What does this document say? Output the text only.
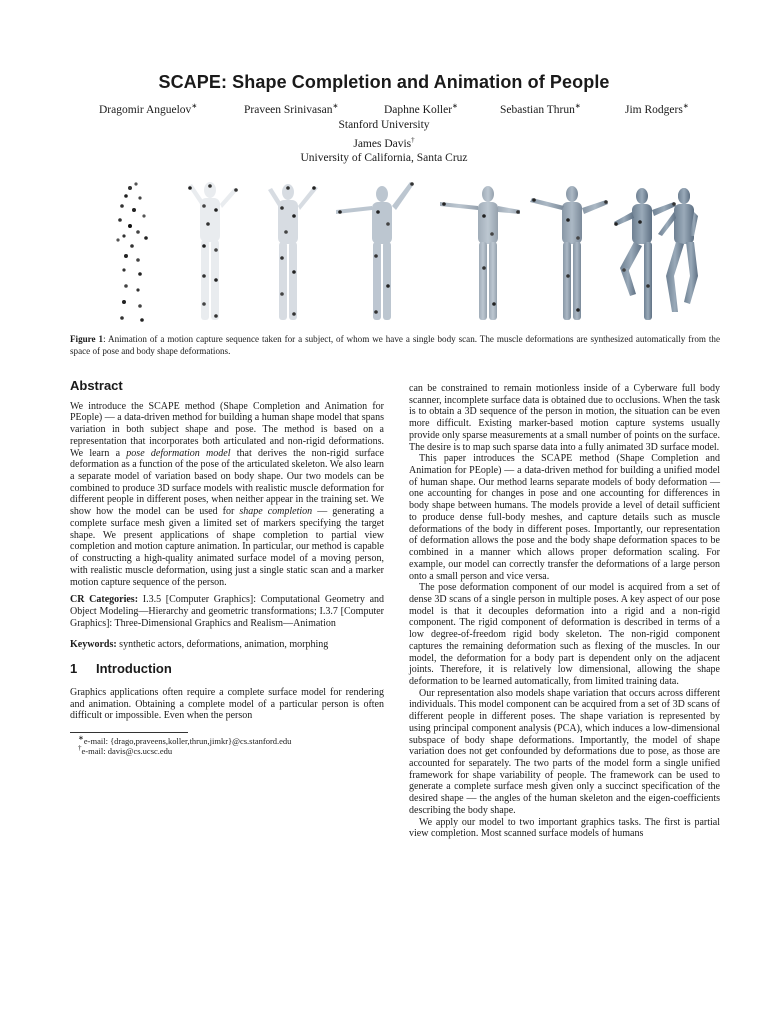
SCAPE: Shape Completion and Animation of People
Dragomir Anguelov∗	Praveen Srinivasan∗	Daphne Koller∗	Sebastian Thrun∗	Jim Rodgers∗
Stanford University
James Davis†
University of California, Santa Cruz
Figure 1: Animation of a motion capture sequence taken for a subject, of whom we have a single body scan. The muscle deformations are synthesized automatically from the space of pose and body shape deformations.
Abstract

We introduce the SCAPE method (Shape Completion and Animation for PEople) — a data-driven method for building a human shape model that spans variation in both subject shape and pose. The method is based on a representation that incorporates both articulated and non-rigid deformations. We learn a pose deformation model that derives the non-rigid surface deformation as a function of the pose of the articulated skeleton. We also learn a separate model of variation based on body shape. Our two models can be combined to produce 3D surface models with realistic muscle deformation for different people in different poses, when neither appear in the training set. We show how the model can be used for shape completion — generating a complete surface mesh given a limited set of markers specifying the target shape. We present applications of shape completion to partial view completion and motion capture animation. In particular, our method is capable of constructing a high-quality animated surface model of a moving person, with realistic muscle deformation, using just a single static scan and a marker motion capture sequence of the person.

CR Categories: I.3.5 [Computer Graphics]: Computational Geometry and Object Modeling—Hierarchy and geometric transformations; I.3.7 [Computer Graphics]: Three-Dimensional Graphics and Realism—Animation

Keywords: synthetic actors, deformations, animation, morphing

1 Introduction

Graphics applications often require a complete surface model for rendering and animation. Obtaining a complete model of a particular person is often difficult or impossible. Even when the person

∗e-mail: {drago,praveens,koller,thrun,jimkr}@cs.stanford.edu

†e-mail: davis@cs.ucsc.edu

can be constrained to remain motionless inside of a Cyberware full body scanner, incomplete surface data is obtained due to occlusions. When the task is to obtain a 3D sequence of the person in motion, the situation can be even more difficult. Existing marker-based motion capture systems usually provide only sparse measurements at a small number of points on the surface. The desire is to map such sparse data into a fully animated 3D surface model.

This paper introduces the SCAPE method (Shape Completion and Animation for PEople) — a data-driven method for building a unified model of human shape. Our method learns separate models of body deformation — one accounting for changes in pose and one accounting for differences in body shape between humans. The models provide a level of detail sufficient to produce dense full-body meshes, and capture details such as muscle deformations of the body in different poses. Importantly, our representation of deformation allows the pose and the body shape deformation spaces to be combined in a manner which allows proper deformation scaling. For example, our model can correctly transfer the deformations of a large person onto a small person and vice versa.

The pose deformation component of our model is acquired from a set of dense 3D scans of a single person in multiple poses. A key aspect of our pose model is that it decouples deformation into a rigid and a non-rigid component. The rigid component of deformation is described in terms of a low degree-of-freedom rigid body skeleton. The non-rigid component captures the remaining deformation such as flexing of the muscles. In our model, the deformation for a body part is dependent only on the adjacent joints. Therefore, it is relatively low dimensional, allowing the shape deformation to be learned automatically, from limited training data.

Our representation also models shape variation that occurs across different individuals. This model component can be acquired from a set of 3D scans of different people in different poses. The shape variation is represented by using principal component analysis (PCA), which induces a low-dimensional subspace of body shape deformations. Importantly, the model of shape variation does not get confounded by deformations due to pose, as those are accounted for separately. The two parts of the model form a single unified framework for shape variability of people. The framework can be used to generate a complete surface mesh given only a succinct specification of the desired shape — the angles of the human skeleton and the eigen-coefficients describing the body shape.

We apply our model to two important graphics tasks. The first is partial view completion. Most scanned surface models of humans
